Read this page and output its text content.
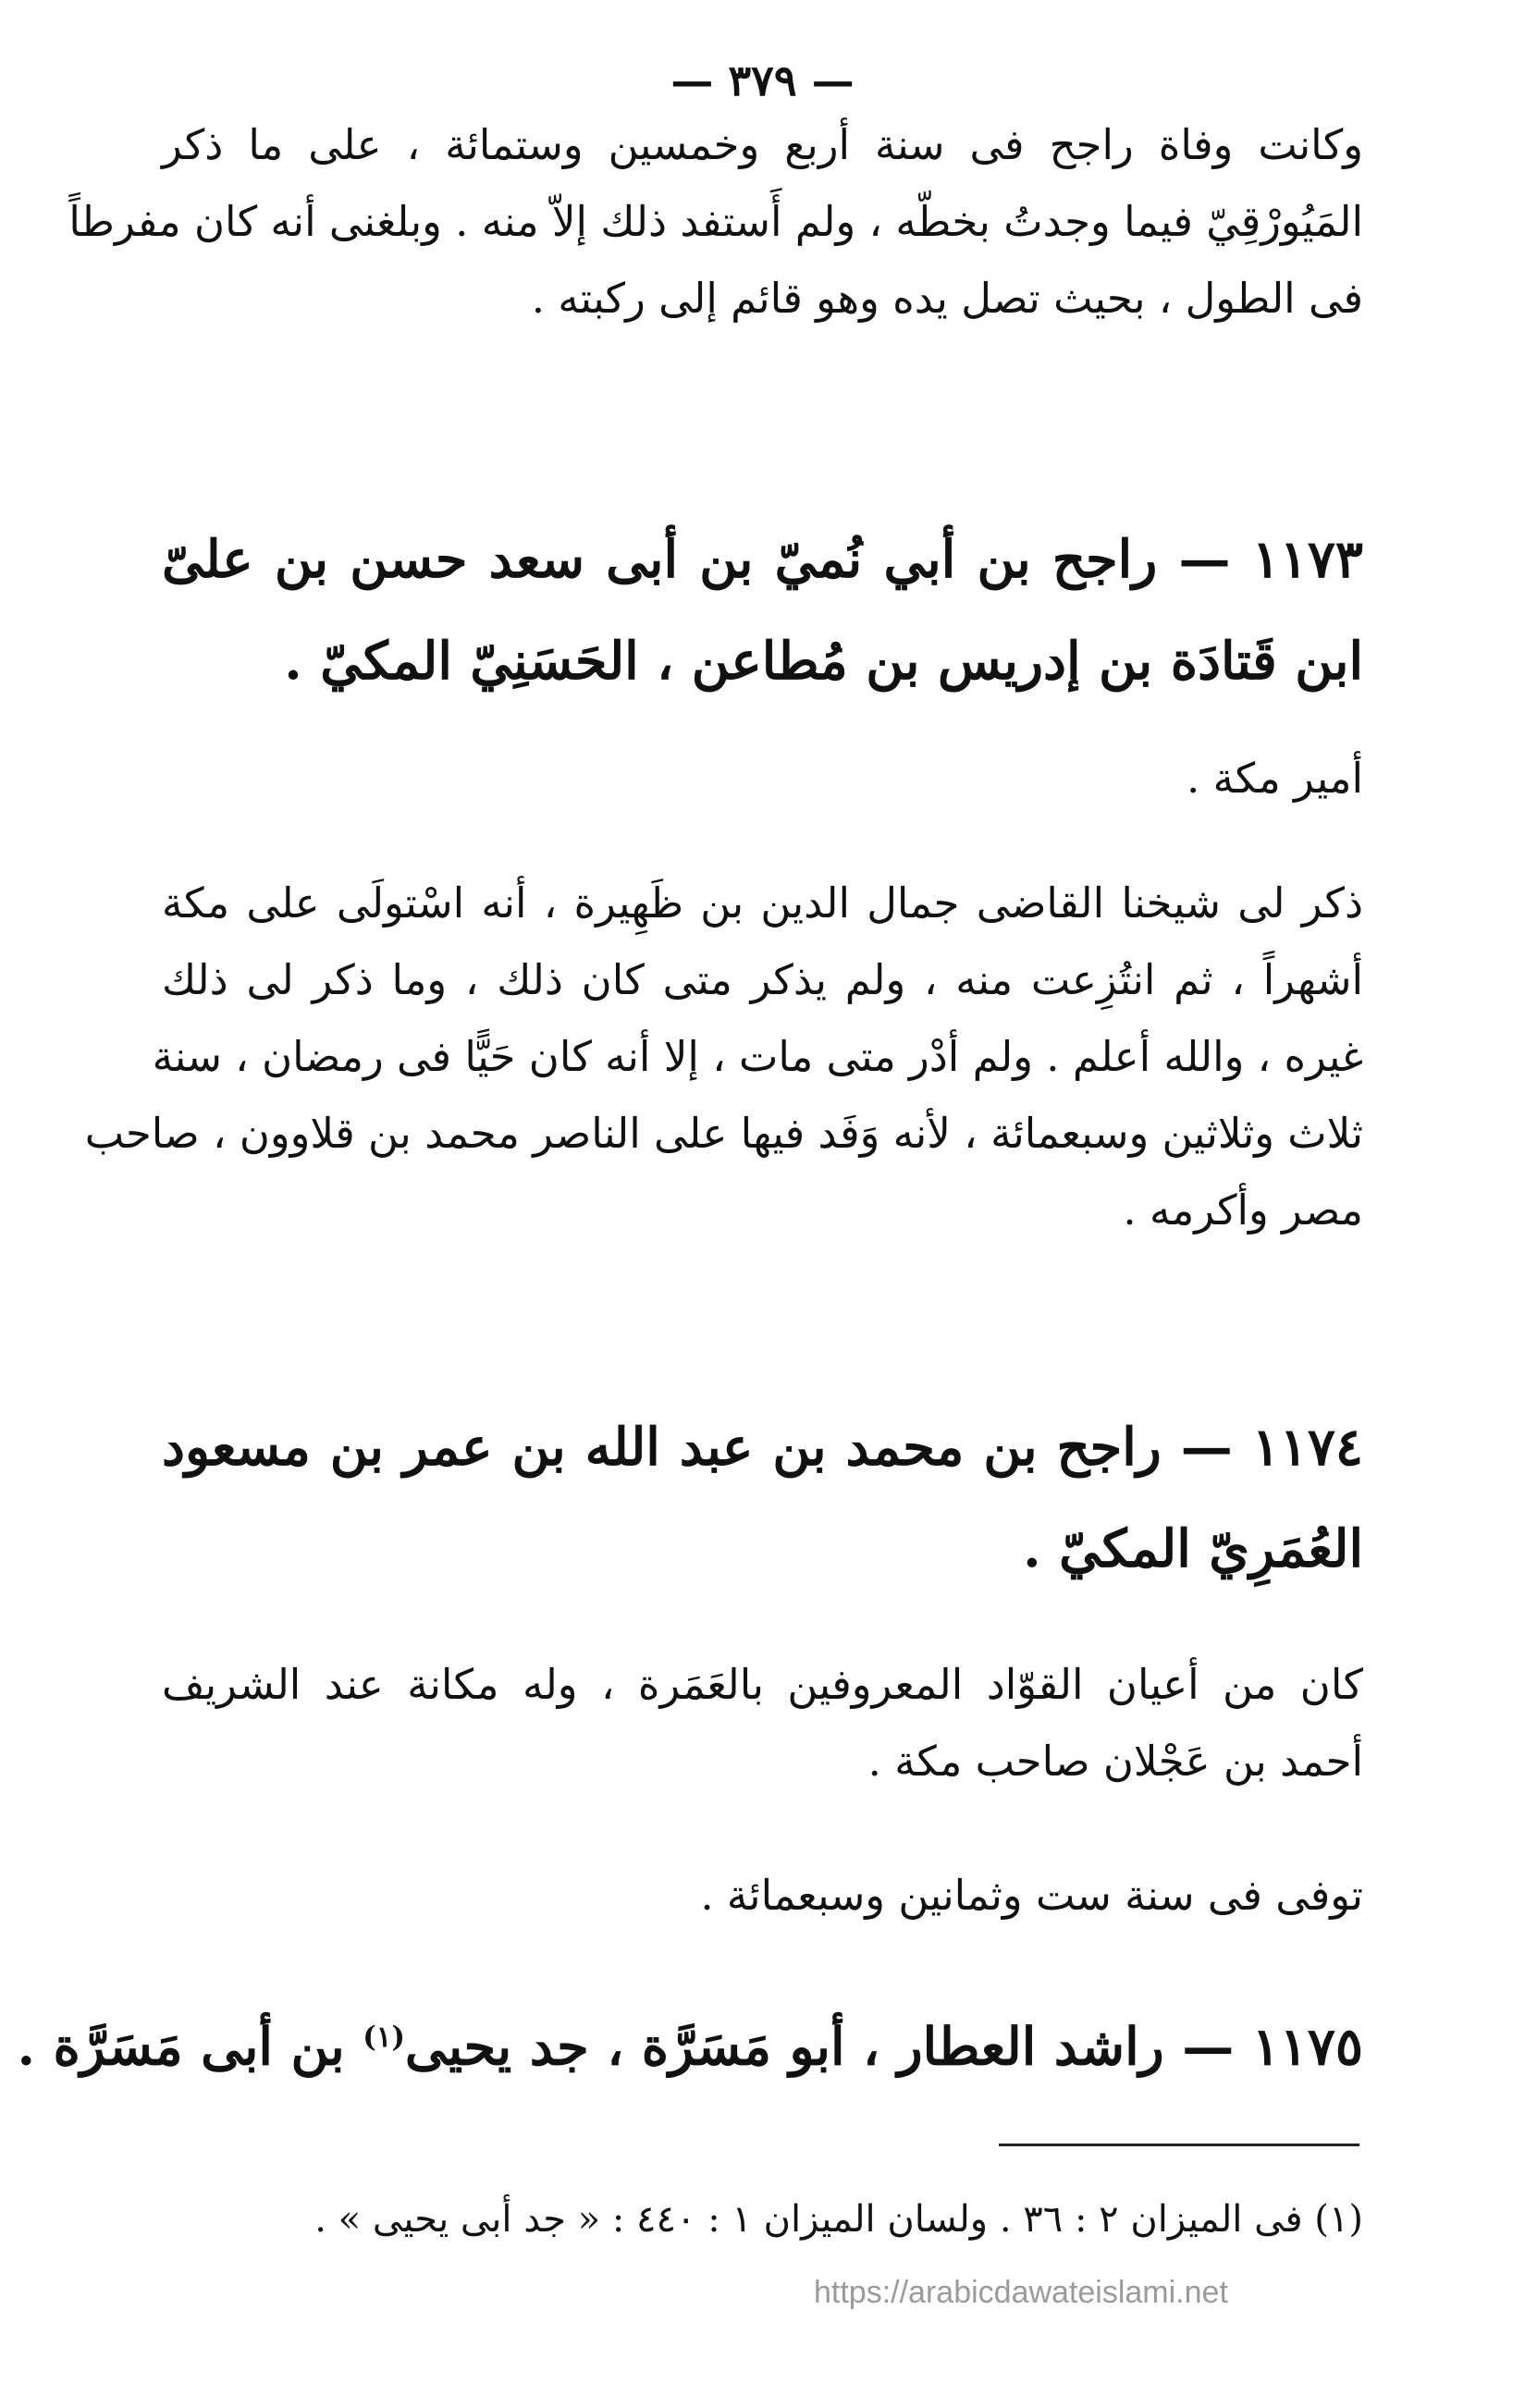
— ٣٧٩ —
وكانت وفاة راجح فى سنة أربع وخمسين وستمائة ، على ما ذكر
المَيُورْقِيّ فيما وجدتُ بخطّه ، ولم أَستفد ذلك إلاّ منه . وبلغنى أنه كان مفرطاً
فى الطول ، بحيث تصل يده وهو قائم إلى ركبته .
١١٧٣ — راجح بن أبي نُميّ بن أبى سعد حسن بن علىّ
ابن قَتادَة بن إدريس بن مُطاعن ، الحَسَنِيّ المكيّ .
أمير مكة .
ذكر لى شيخنا القاضى جمال الدين بن ظَهِيرة ، أنه اسْتولَى على مكة
أشهراً ، ثم انتُزِعت منه ، ولم يذكر متى كان ذلك ، وما ذكر لى ذلك
غيره ، والله أعلم . ولم أدْر متى مات ، إلا أنه كان حَيًّا فى رمضان ، سنة
ثلاث وثلاثين وسبعمائة ، لأنه وَفَد فيها على الناصر محمد بن قلاوون ، صاحب
مصر وأكرمه .
١١٧٤ — راجح بن محمد بن عبد الله بن عمر بن مسعود
العُمَرِيّ المكيّ .
كان من أعيان القوّاد المعروفين بالعَمَرة ، وله مكانة عند الشريف
أحمد بن عَجْلان صاحب مكة .
توفى فى سنة ست وثمانين وسبعمائة .
١١٧٥ — راشد العطار ، أبو مَسَرَّة ، جد يحيى$^{(١)}$ بن أبى مَسَرَّة .
(١) فى الميزان ٢ : ٣٦ . ولسان الميزان ١ : ٤٤٠ : « جد أبى يحيى » .
https://arabicdawateislami.net
